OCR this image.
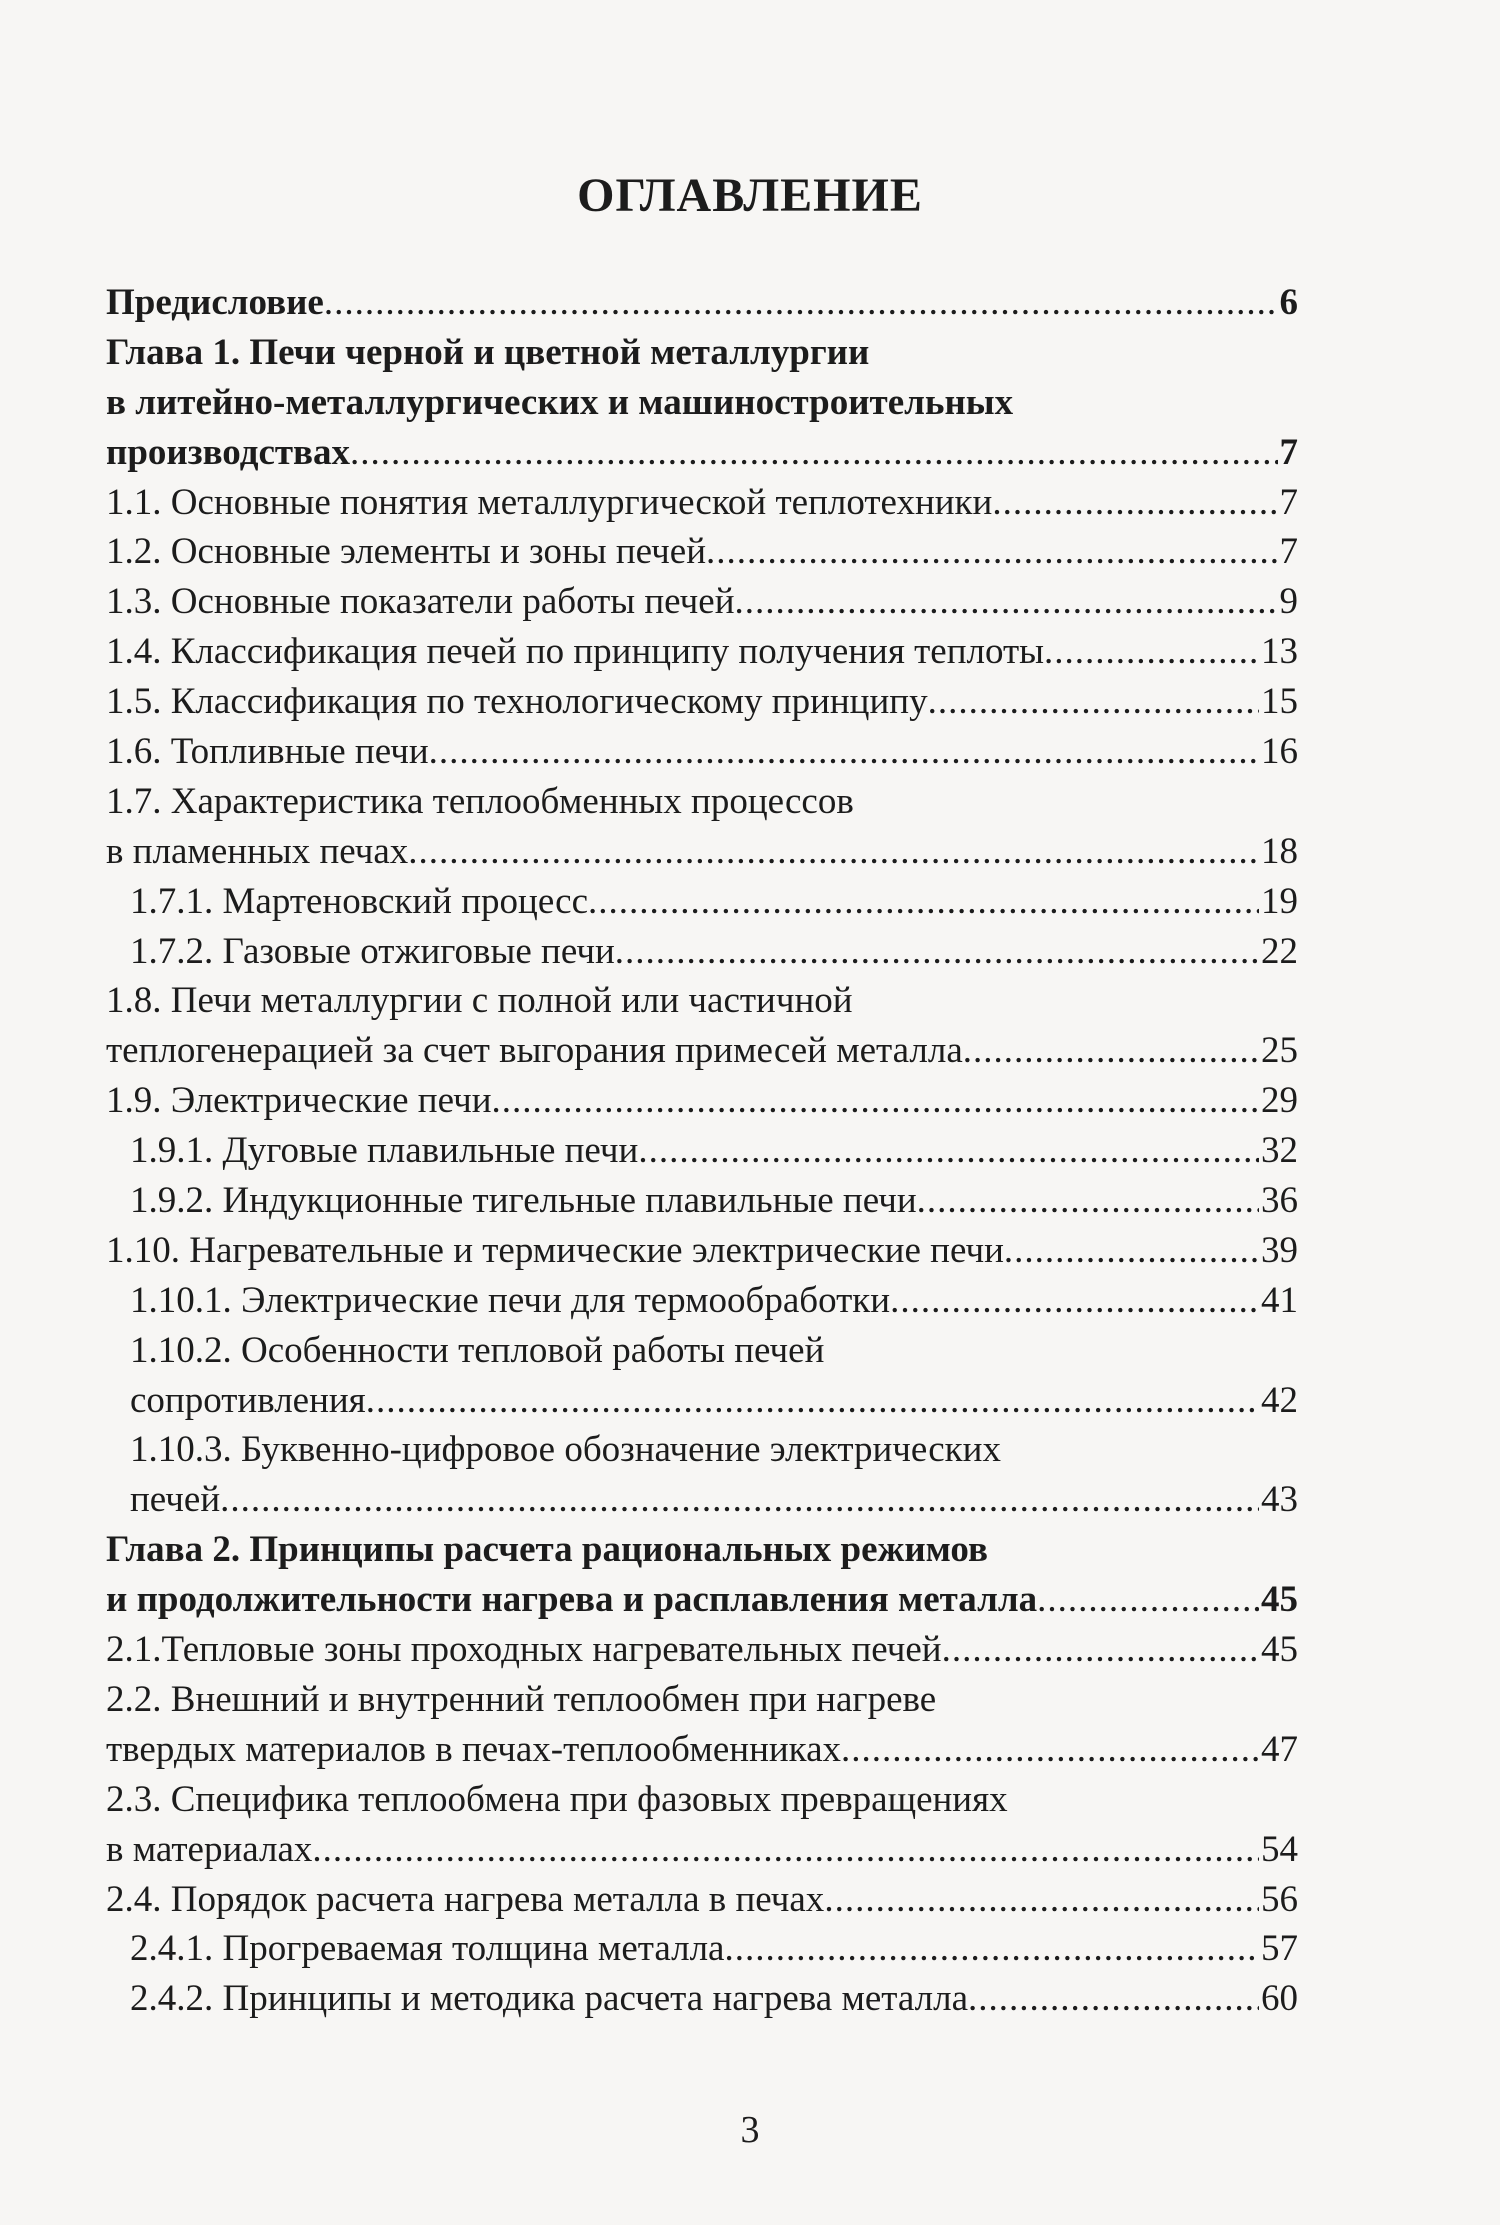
ОГЛАВЛЕНИЕ
Предисловие .....	6
Глава 1. Печи черной и цветной металлургии
в литейно-металлургических и машиностроительных
производствах .....	7
1.1. Основные понятия металлургической теплотехники .....	7
1.2. Основные элементы и зоны печей .....	7
1.3. Основные показатели работы печей .....	9
1.4. Классификация печей по принципу получения теплоты .....	13
1.5. Классификация по технологическому принципу .....	15
1.6. Топливные печи .....	16
1.7. Характеристика теплообменных процессов
в пламенных печах .....	18
1.7.1. Мартеновский процесс .....	19
1.7.2. Газовые отжиговые печи .....	22
1.8. Печи металлургии с полной или частичной
теплогенерацией за счет выгорания примесей металла .....	25
1.9. Электрические печи .....	29
1.9.1. Дуговые плавильные печи .....	32
1.9.2. Индукционные тигельные плавильные печи .....	36
1.10. Нагревательные и термические электрические печи .....	39
1.10.1. Электрические печи для термообработки .....	41
1.10.2. Особенности тепловой работы печей
сопротивления .....	42
1.10.3. Буквенно-цифровое обозначение электрических
печей .....	43
Глава 2. Принципы расчета рациональных режимов
и продолжительности нагрева и расплавления металла .....	45
2.1.Тепловые зоны проходных нагревательных печей .....	45
2.2. Внешний и внутренний теплообмен при нагреве
твердых материалов в печах-теплообменниках .....	47
2.3. Специфика теплообмена при фазовых превращениях
в материалах .....	54
2.4. Порядок расчета нагрева металла в печах .....	56
2.4.1. Прогреваемая толщина металла .....	57
2.4.2. Принципы и методика расчета нагрева металла .....	60
3
